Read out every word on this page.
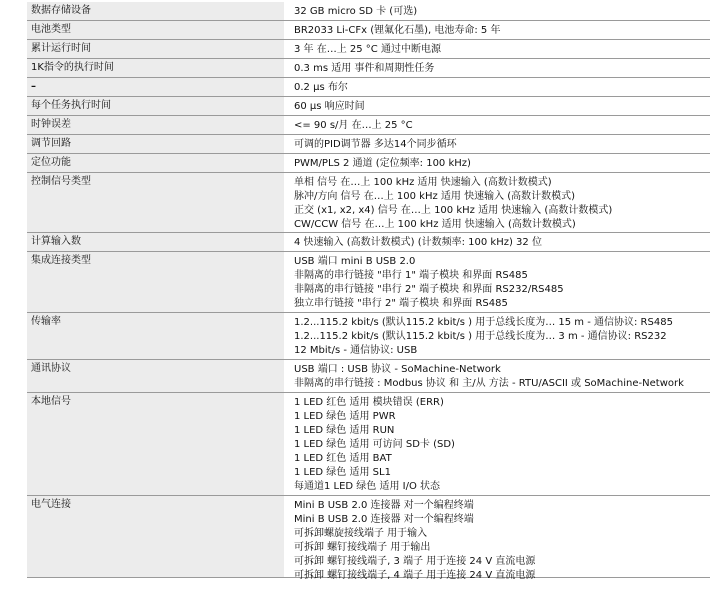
数据存储设备	32 GB micro SD 卡 (可选)
电池类型	BR2033 Li-CFx (锂氟化石墨), 电池寿命: 5 年
累计运行时间	3 年 在…上 25 °C 通过中断电源
1K指令的执行时间	0.3 ms 适用 事件和周期性任务
–	0.2 µs 布尔
每个任务执行时间	60 µs 响应时间
时钟误差	<= 90 s/月 在…上 25 °C
调节回路	可调的PID调节器 多达14个同步循环
定位功能	PWM/PLS 2 通道 (定位频率: 100 kHz)
控制信号类型	单相 信号 在…上 100 kHz 适用 快速输入 (高数计数模式)
脉冲/方向 信号 在…上 100 kHz 适用 快速输入 (高数计数模式)
正交 (x1, x2, x4) 信号 在…上 100 kHz 适用 快速输入 (高数计数模式)
CW/CCW 信号 在…上 100 kHz 适用 快速输入 (高数计数模式)
计算输入数	4 快速输入 (高数计数模式) (计数频率: 100 kHz) 32 位
集成连接类型	USB 端口 mini B USB 2.0
非隔离的串行链接 "串行 1" 端子模块 和界面 RS485
非隔离的串行链接 "串行 2" 端子模块 和界面 RS232/RS485
独立串行链接 "串行 2" 端子模块 和界面 RS485
传输率	1.2...115.2 kbit/s (默认115.2 kbit/s ) 用于总线长度为… 15 m - 通信协议: RS485
1.2...115.2 kbit/s (默认115.2 kbit/s ) 用于总线长度为… 3 m - 通信协议: RS232
12 Mbit/s - 通信协议: USB
通讯协议	USB 端口 : USB 协议 - SoMachine-Network
非隔离的串行链接 : Modbus 协议 和 主/从 方法 - RTU/ASCII 或 SoMachine-Network
本地信号	1 LED 红色 适用 模块错误 (ERR)
1 LED 绿色 适用 PWR
1 LED 绿色 适用 RUN
1 LED 绿色 适用 可访问 SD卡 (SD)
1 LED 红色 适用 BAT
1 LED 绿色 适用 SL1
每通道1 LED 绿色 适用 I/O 状态
电气连接	Mini B USB 2.0 连接器 对一个编程终端
Mini B USB 2.0 连接器 对一个编程终端
可拆卸螺旋接线端子 用于输入
可拆卸 螺钉接线端子 用于输出
可拆卸 螺钉接线端子, 3 端子 用于连接 24 V 直流电源
可拆卸 螺钉接线端子, 4 端子 用于连接 24 V 直流电源
